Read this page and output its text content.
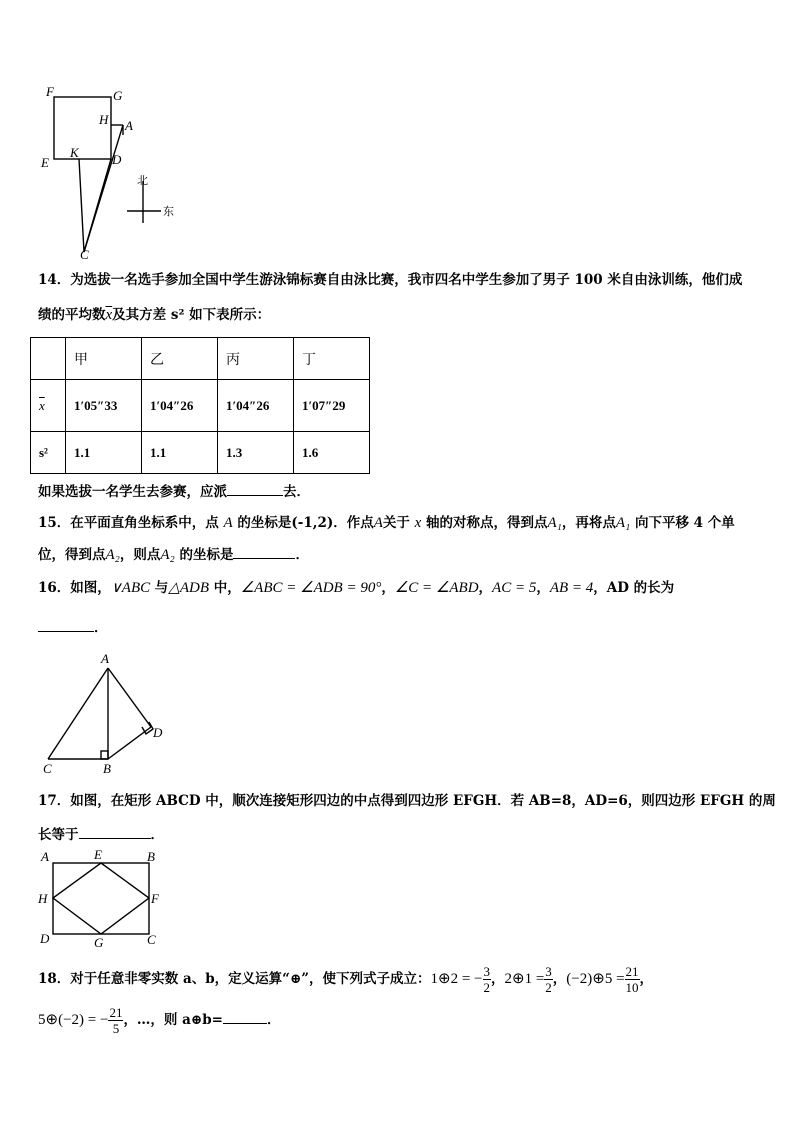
F	G
H A
E
K	D
C
北
东
14．为选拔一名选手参加全国中学生游泳锦标赛自由泳比赛，我市四名中学生参加了男子 100 米自由泳训练，他们成
绩的平均数$\overline{x}$及其方差 s² 如下表所示：
	甲	乙	丙	丁
$\overline{x}$	1′05″33	1′04″26	1′04″26	1′07″29
s²	1.1	1.1	1.3	1.6
如果选拔一名学生去参赛，应派	去．
15．在平面直角坐标系中，点 A 的坐标是(-1,2)．作点A关于 x 轴的对称点，得到点A₁，再将点A₁ 向下平移 4 个单
位，得到点A₂，则点A₂ 的坐标是	．
16．如图，∨ABC 与△ADB 中，∠ABC = ∠ADB = 90°，∠C = ∠ABD，AC = 5，AB = 4，AD 的长为
．
A
B
C
D
17．如图，在矩形 ABCD 中，顺次连接矩形四边的中点得到四边形 EFGH．若 AB=8，AD=6，则四边形 EFGH 的周
长等于	．
A	E	B
H	F
D	G	C
18．对于任意非零实数 a、b，定义运算“⊕”，使下列式子成立：1⊕2 = − $\frac{3}{2}$ ，2⊕1 = $\frac{3}{2}$ ，(−2)⊕5 = $\frac{21}{10}$ ，
5⊕(−2) = − $\frac{21}{5}$ ，…，则 a⊕b=	．
